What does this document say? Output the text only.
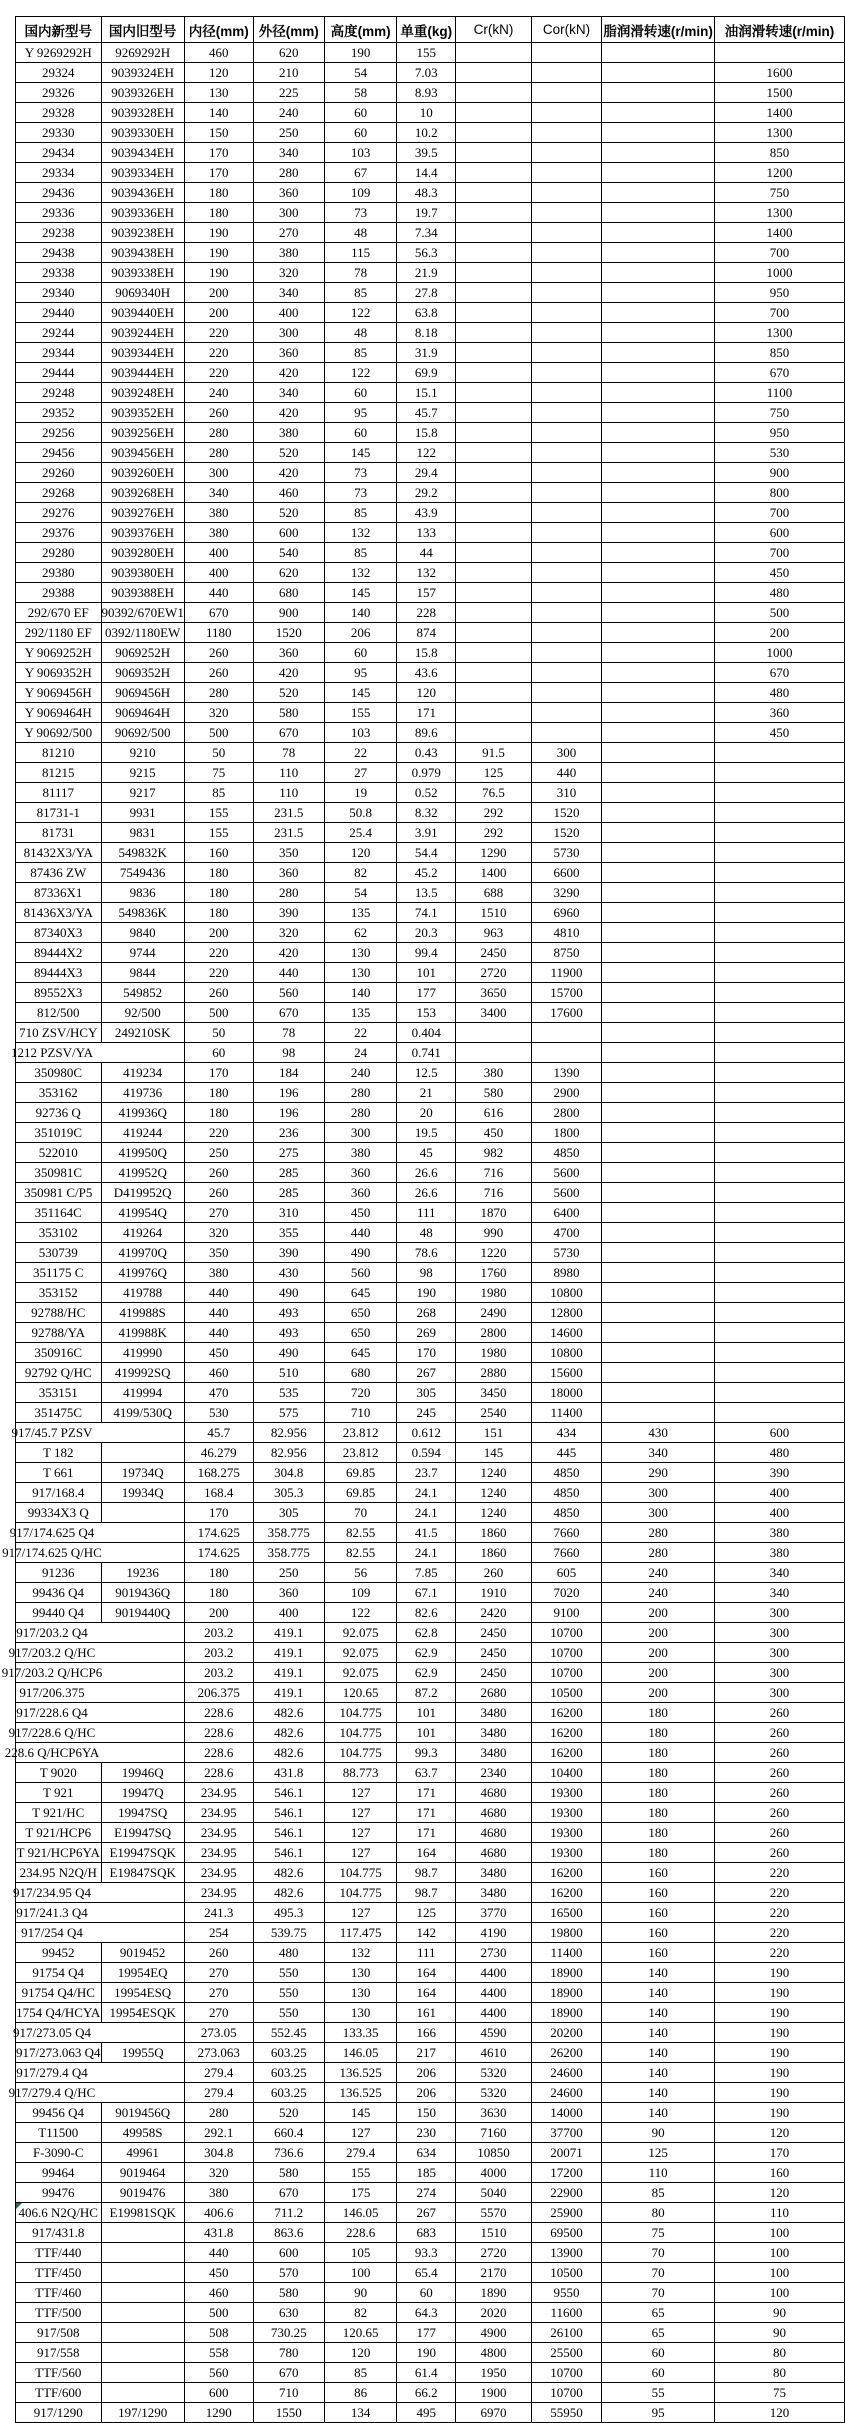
国内新型号	国内旧型号	内径(mm)	外径(mm)	高度(mm)	单重(kg)	Cr(kN)	Cor(kN)	脂润滑转速(r/min)	油润滑转速(r/min)
Y 9269292H	9269292H	460	620	190	155				
29324	9039324EH	120	210	54	7.03				1600
29326	9039326EH	130	225	58	8.93				1500
29328	9039328EH	140	240	60	10				1400
29330	9039330EH	150	250	60	10.2				1300
29434	9039434EH	170	340	103	39.5				850
29334	9039334EH	170	280	67	14.4				1200
29436	9039436EH	180	360	109	48.3				750
29336	9039336EH	180	300	73	19.7				1300
29238	9039238EH	190	270	48	7.34				1400
29438	9039438EH	190	380	115	56.3				700
29338	9039338EH	190	320	78	21.9				1000
29340	9069340H	200	340	85	27.8				950
29440	9039440EH	200	400	122	63.8				700
29244	9039244EH	220	300	48	8.18				1300
29344	9039344EH	220	360	85	31.9				850
29444	9039444EH	220	420	122	69.9				670
29248	9039248EH	240	340	60	15.1				1100
29352	9039352EH	260	420	95	45.7				750
29256	9039256EH	280	380	60	15.8				950
29456	9039456EH	280	520	145	122				530
29260	9039260EH	300	420	73	29.4				900
29268	9039268EH	340	460	73	29.2				800
29276	9039276EH	380	520	85	43.9				700
29376	9039376EH	380	600	132	133				600
29280	9039280EH	400	540	85	44				700
29380	9039380EH	400	620	132	132				450
29388	9039388EH	440	680	145	157				480
292/670 EF	90392/670EW1	670	900	140	228				500
292/1180 EF	0392/1180EW	1180	1520	206	874				200
Y 9069252H	9069252H	260	360	60	15.8				1000
Y 9069352H	9069352H	260	420	95	43.6				670
Y 9069456H	9069456H	280	520	145	120				480
Y 9069464H	9069464H	320	580	155	171				360
Y 90692/500	90692/500	500	670	103	89.6				450
81210	9210	50	78	22	0.43	91.5	300		
81215	9215	75	110	27	0.979	125	440		
81117	9217	85	110	19	0.52	76.5	310		
81731-1	9931	155	231.5	50.8	8.32	292	1520		
81731	9831	155	231.5	25.4	3.91	292	1520		
81432X3/YA	549832K	160	350	120	54.4	1290	5730		
87436 ZW	7549436	180	360	82	45.2	1400	6600		
87336X1	9836	180	280	54	13.5	688	3290		
81436X3/YA	549836K	180	390	135	74.1	1510	6960		
87340X3	9840	200	320	62	20.3	963	4810		
89444X2	9744	220	420	130	99.4	2450	8750		
89444X3	9844	220	440	130	101	2720	11900		
89552X3	549852	260	560	140	177	3650	15700		
812/500	92/500	500	670	135	153	3400	17600		
710 ZSV/HCY	249210SK	50	78	22	0.404				

1212 PZSV/YA		60	98	24	0.741				
350980C	419234	170	184	240	12.5	380	1390		
353162	419736	180	196	280	21	580	2900		
92736 Q	419936Q	180	196	280	20	616	2800		
351019C	419244	220	236	300	19.5	450	1800		
522010	419950Q	250	275	380	45	982	4850		
350981C	419952Q	260	285	360	26.6	716	5600		
350981 C/P5	D419952Q	260	285	360	26.6	716	5600		
351164C	419954Q	270	310	450	111	1870	6400		
353102	419264	320	355	440	48	990	4700		
530739	419970Q	350	390	490	78.6	1220	5730		
351175 C	419976Q	380	430	560	98	1760	8980		
353152	419788	440	490	645	190	1980	10800		
92788/HC	419988S	440	493	650	268	2490	12800		
92788/YA	419988K	440	493	650	269	2800	14600		
350916C	419990	450	490	645	170	1980	10800		
92792 Q/HC	419992SQ	460	510	680	267	2880	15600		
353151	419994	470	535	720	305	3450	18000		
351475C	4199/530Q	530	575	710	245	2540	11400		

917/45.7 PZSV		45.7	82.956	23.812	0.612	151	434	430	600
T 182		46.279	82.956	23.812	0.594	145	445	340	480
T 661	19734Q	168.275	304.8	69.85	23.7	1240	4850	290	390
917/168.4	19934Q	168.4	305.3	69.85	24.1	1240	4850	300	400
99334X3 Q		170	305	70	24.1	1240	4850	300	400

917/174.625 Q4		174.625	358.775	82.55	41.5	1860	7660	280	380

917/174.625 Q/HC		174.625	358.775	82.55	24.1	1860	7660	280	380
91236	19236	180	250	56	7.85	260	605	240	340
99436 Q4	9019436Q	180	360	109	67.1	1910	7020	240	340
99440 Q4	9019440Q	200	400	122	82.6	2420	9100	200	300

917/203.2 Q4		203.2	419.1	92.075	62.8	2450	10700	200	300

917/203.2 Q/HC		203.2	419.1	92.075	62.9	2450	10700	200	300

917/203.2 Q/HCP6		203.2	419.1	92.075	62.9	2450	10700	200	300

917/206.375		206.375	419.1	120.65	87.2	2680	10500	200	300

917/228.6 Q4		228.6	482.6	104.775	101	3480	16200	180	260

917/228.6 Q/HC		228.6	482.6	104.775	101	3480	16200	180	260

228.6 Q/HCP6YA		228.6	482.6	104.775	99.3	3480	16200	180	260
T 9020	19946Q	228.6	431.8	88.773	63.7	2340	10400	180	260
T 921	19947Q	234.95	546.1	127	171	4680	19300	180	260
T 921/HC	19947SQ	234.95	546.1	127	171	4680	19300	180	260
T 921/HCP6	E19947SQ	234.95	546.1	127	171	4680	19300	180	260
T 921/HCP6YA	E19947SQK	234.95	546.1	127	164	4680	19300	180	260
234.95 N2Q/H	E19847SQK	234.95	482.6	104.775	98.7	3480	16200	160	220

917/234.95 Q4		234.95	482.6	104.775	98.7	3480	16200	160	220

917/241.3 Q4		241.3	495.3	127	125	3770	16500	160	220

917/254 Q4		254	539.75	117.475	142	4190	19800	160	220
99452	9019452	260	480	132	111	2730	11400	160	220
91754 Q4	19954EQ	270	550	130	164	4400	18900	140	190
91754 Q4/HC	19954ESQ	270	550	130	164	4400	18900	140	190
1754 Q4/HCYA	19954ESQK	270	550	130	161	4400	18900	140	190

917/273.05 Q4		273.05	552.45	133.35	166	4590	20200	140	190
917/273.063 Q4	19955Q	273.063	603.25	146.05	217	4610	26200	140	190

917/279.4 Q4		279.4	603.25	136.525	206	5320	24600	140	190

917/279.4 Q/HC		279.4	603.25	136.525	206	5320	24600	140	190
99456 Q4	9019456Q	280	520	145	150	3630	14000	140	190
T11500	49958S	292.1	660.4	127	230	7160	37700	90	120
F-3090-C	49961	304.8	736.6	279.4	634	10850	20071	125	170
99464	9019464	320	580	155	185	4000	17200	110	160
99476	9019476	380	670	175	274	5040	22900	85	120
406.6 N2Q/HC	E19981SQK	406.6	711.2	146.05	267	5570	25900	80	110
917/431.8		431.8	863.6	228.6	683	1510	69500	75	100
TTF/440		440	600	105	93.3	2720	13900	70	100
TTF/450		450	570	100	65.4	2170	10500	70	100
TTF/460		460	580	90	60	1890	9550	70	100
TTF/500		500	630	82	64.3	2020	11600	65	90
917/508		508	730.25	120.65	177	4900	26100	65	90
917/558		558	780	120	190	4800	25500	60	80
TTF/560		560	670	85	61.4	1950	10700	60	80
TTF/600		600	710	86	66.2	1900	10700	55	75
917/1290	197/1290	1290	1550	134	495	6970	55950	95	120
